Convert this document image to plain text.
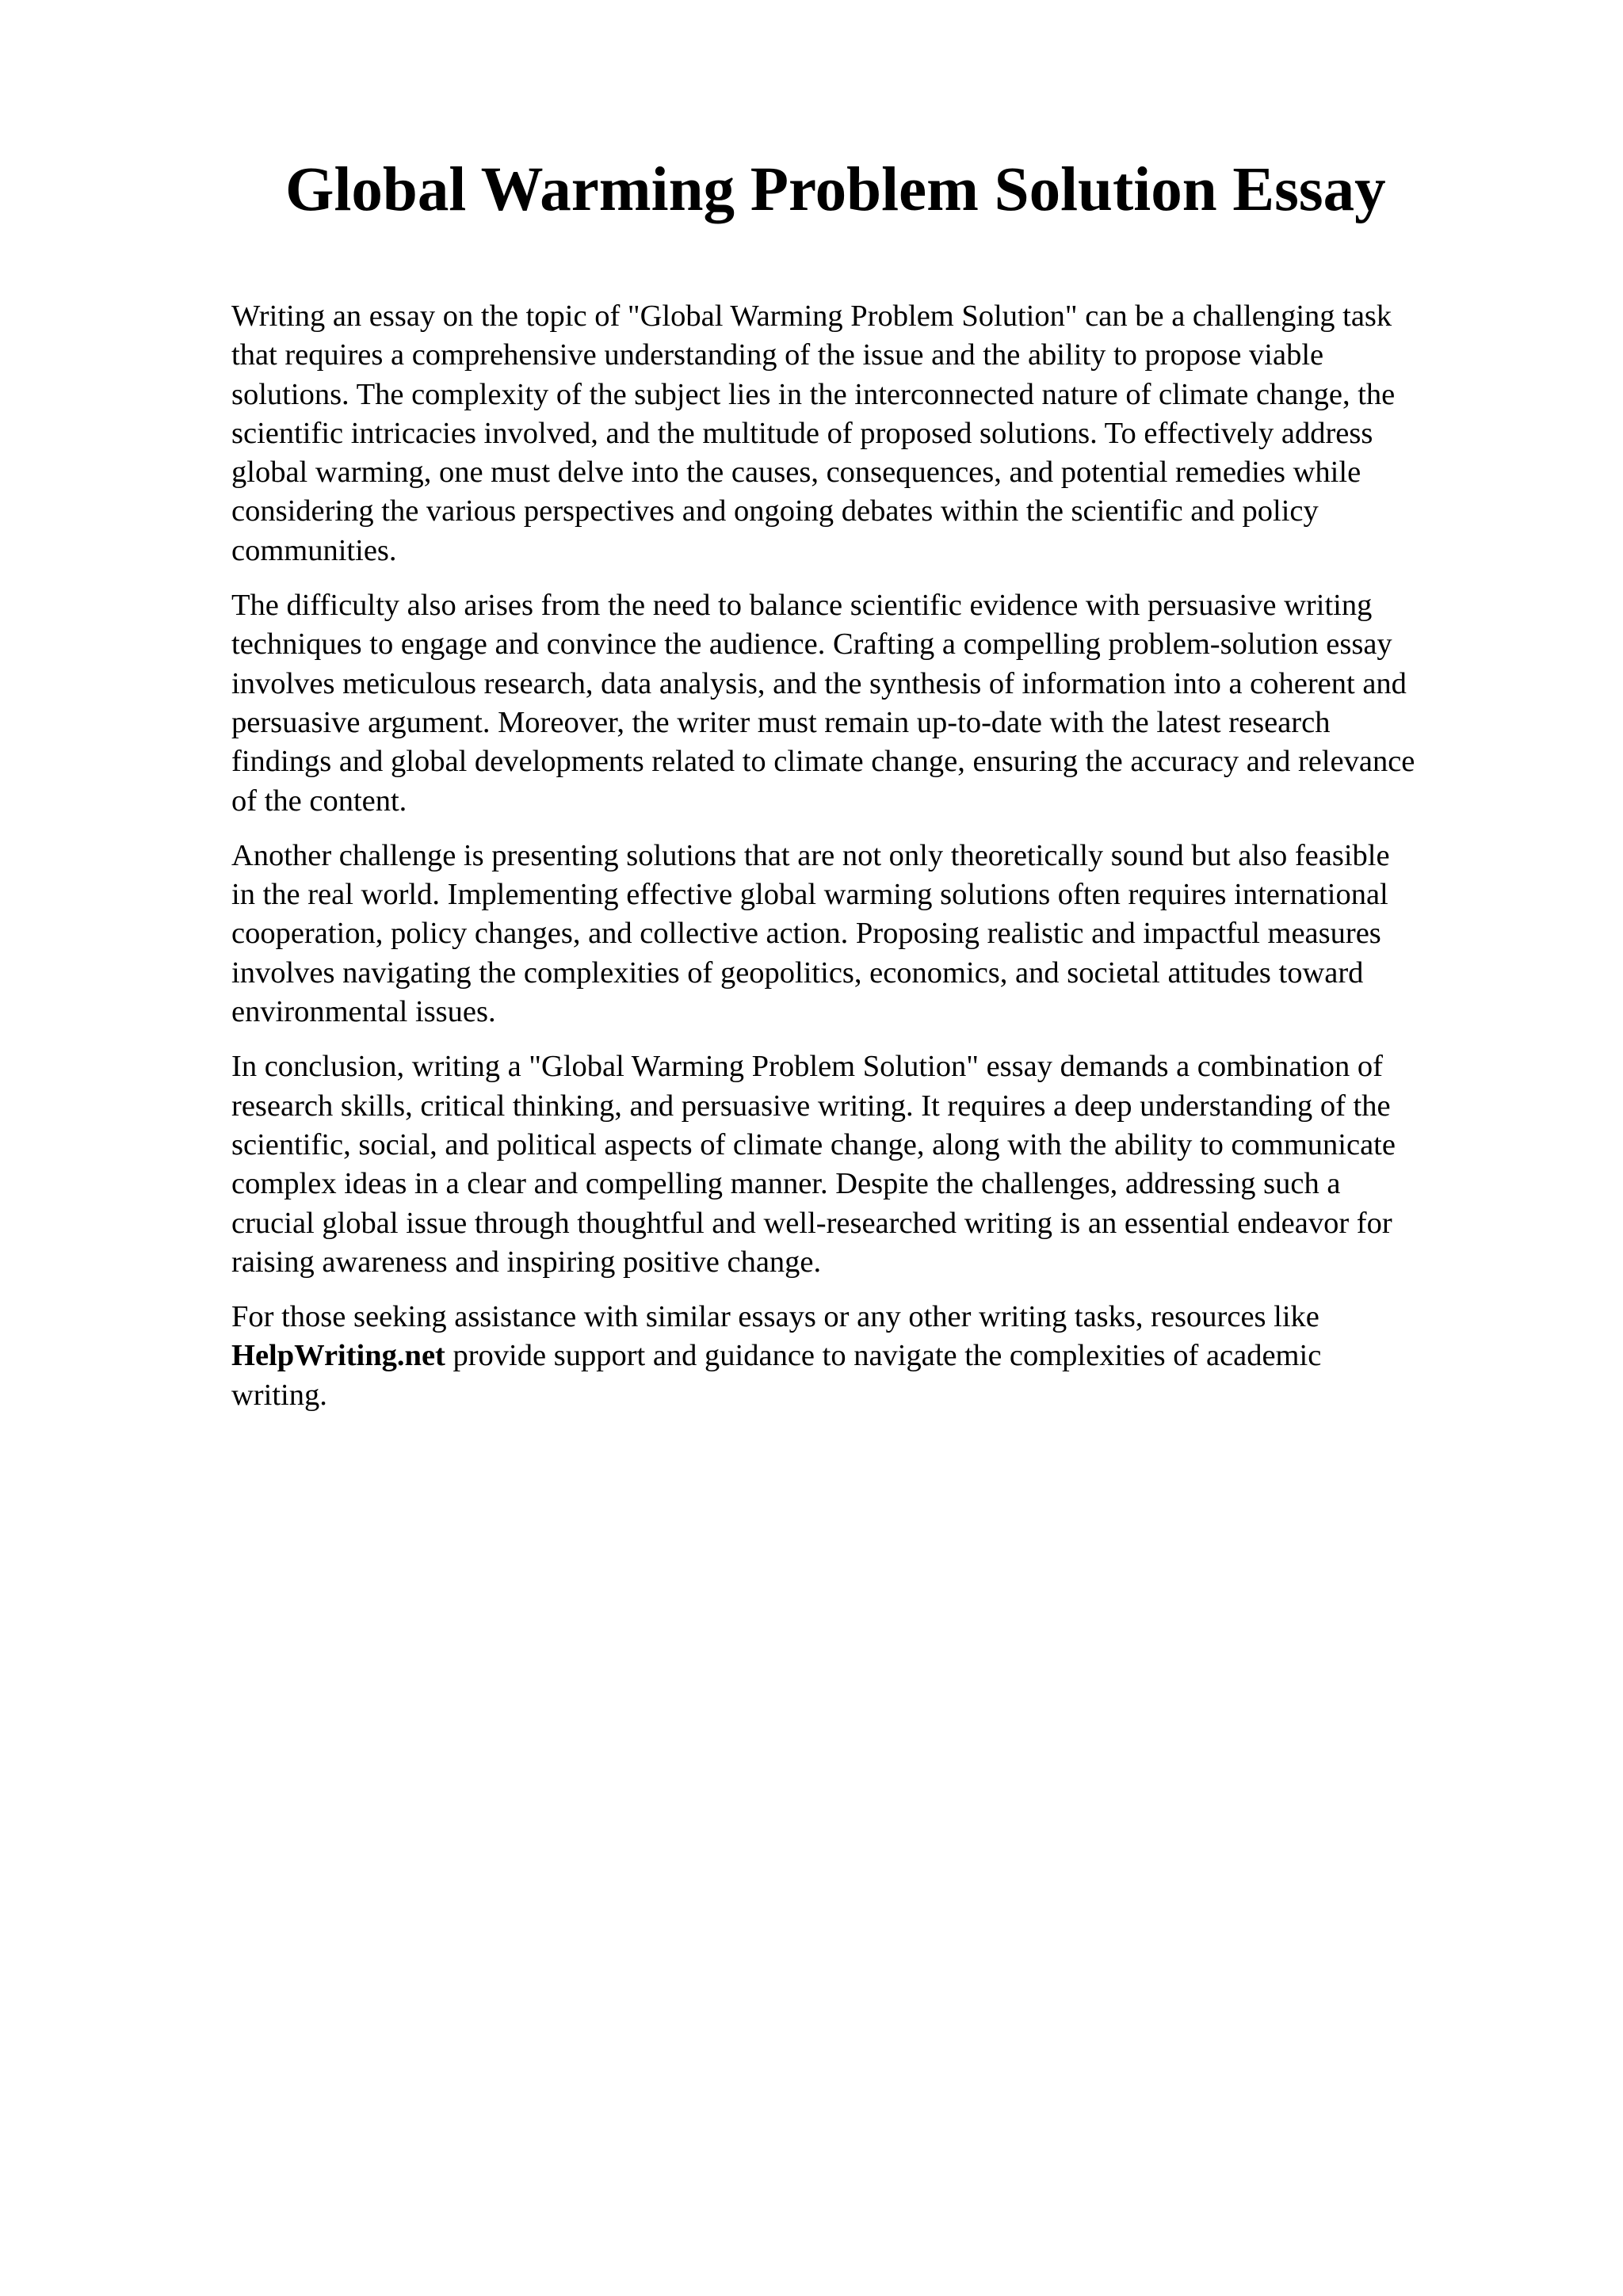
Global Warming Problem Solution Essay

Writing an essay on the topic of "Global Warming Problem Solution" can be a challenging task
that requires a comprehensive understanding of the issue and the ability to propose viable
solutions. The complexity of the subject lies in the interconnected nature of climate change, the
scientific intricacies involved, and the multitude of proposed solutions. To effectively address
global warming, one must delve into the causes, consequences, and potential remedies while
considering the various perspectives and ongoing debates within the scientific and policy
communities.

The difficulty also arises from the need to balance scientific evidence with persuasive writing
techniques to engage and convince the audience. Crafting a compelling problem-solution essay
involves meticulous research, data analysis, and the synthesis of information into a coherent and
persuasive argument. Moreover, the writer must remain up-to-date with the latest research
findings and global developments related to climate change, ensuring the accuracy and relevance
of the content.

Another challenge is presenting solutions that are not only theoretically sound but also feasible
in the real world. Implementing effective global warming solutions often requires international
cooperation, policy changes, and collective action. Proposing realistic and impactful measures
involves navigating the complexities of geopolitics, economics, and societal attitudes toward
environmental issues.

In conclusion, writing a "Global Warming Problem Solution" essay demands a combination of
research skills, critical thinking, and persuasive writing. It requires a deep understanding of the
scientific, social, and political aspects of climate change, along with the ability to communicate
complex ideas in a clear and compelling manner. Despite the challenges, addressing such a
crucial global issue through thoughtful and well-researched writing is an essential endeavor for
raising awareness and inspiring positive change.

For those seeking assistance with similar essays or any other writing tasks, resources like
HelpWriting.net provide support and guidance to navigate the complexities of academic
writing.
